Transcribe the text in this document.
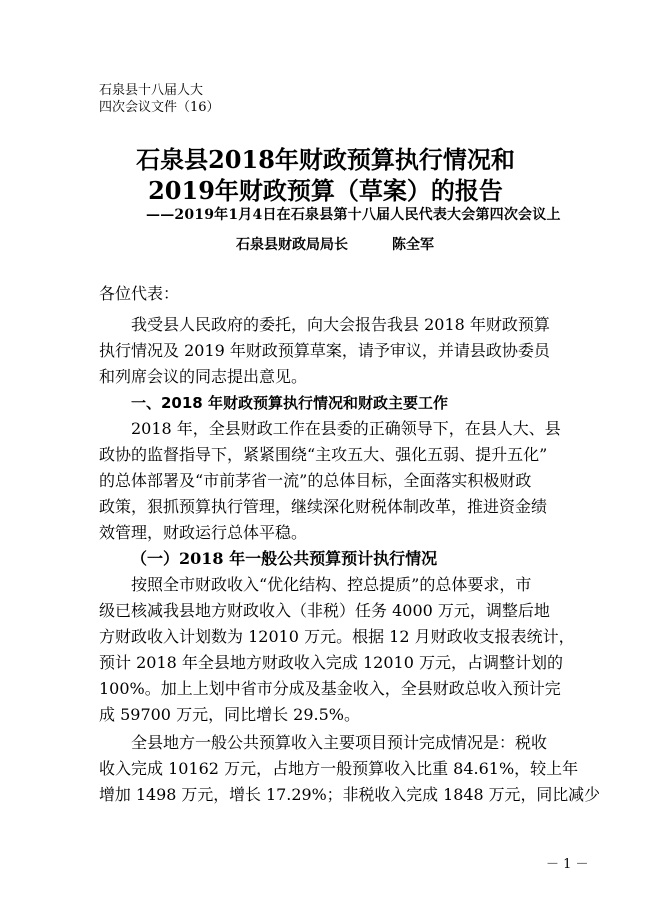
石泉县十八届人大
四次会议文件（16）
石泉县2018年财政预算执行情况和
2019年财政预算（草案）的报告
——2019年1月4日在石泉县第十八届人民代表大会第四次会议上
石泉县财政局局长	陈全军
各位代表：
我受县人民政府的委托，向大会报告我县 2018 年财政预算
执行情况及 2019 年财政预算草案，请予审议，并请县政协委员
和列席会议的同志提出意见。
一、2018 年财政预算执行情况和财政主要工作
2018 年，全县财政工作在县委的正确领导下，在县人大、县
政协的监督指导下，紧紧围绕“主攻五大、强化五弱、提升五化”
的总体部署及“市前茅省一流”的总体目标，全面落实积极财政
政策，狠抓预算执行管理，继续深化财税体制改革，推进资金绩
效管理，财政运行总体平稳。
（一）2018 年一般公共预算预计执行情况
按照全市财政收入“优化结构、控总提质”的总体要求，市
级已核减我县地方财政收入（非税）任务 4000 万元，调整后地
方财政收入计划数为 12010 万元。根据 12 月财政收支报表统计，
预计 2018 年全县地方财政收入完成 12010 万元，占调整计划的
100%。加上上划中省市分成及基金收入，全县财政总收入预计完
成 59700 万元，同比增长 29.5%。
全县地方一般公共预算收入主要项目预计完成情况是：税收
收入完成 10162 万元，占地方一般预算收入比重 84.61%，较上年
增加 1498 万元，增长 17.29%；非税收入完成 1848 万元，同比减少
－ 1 －
